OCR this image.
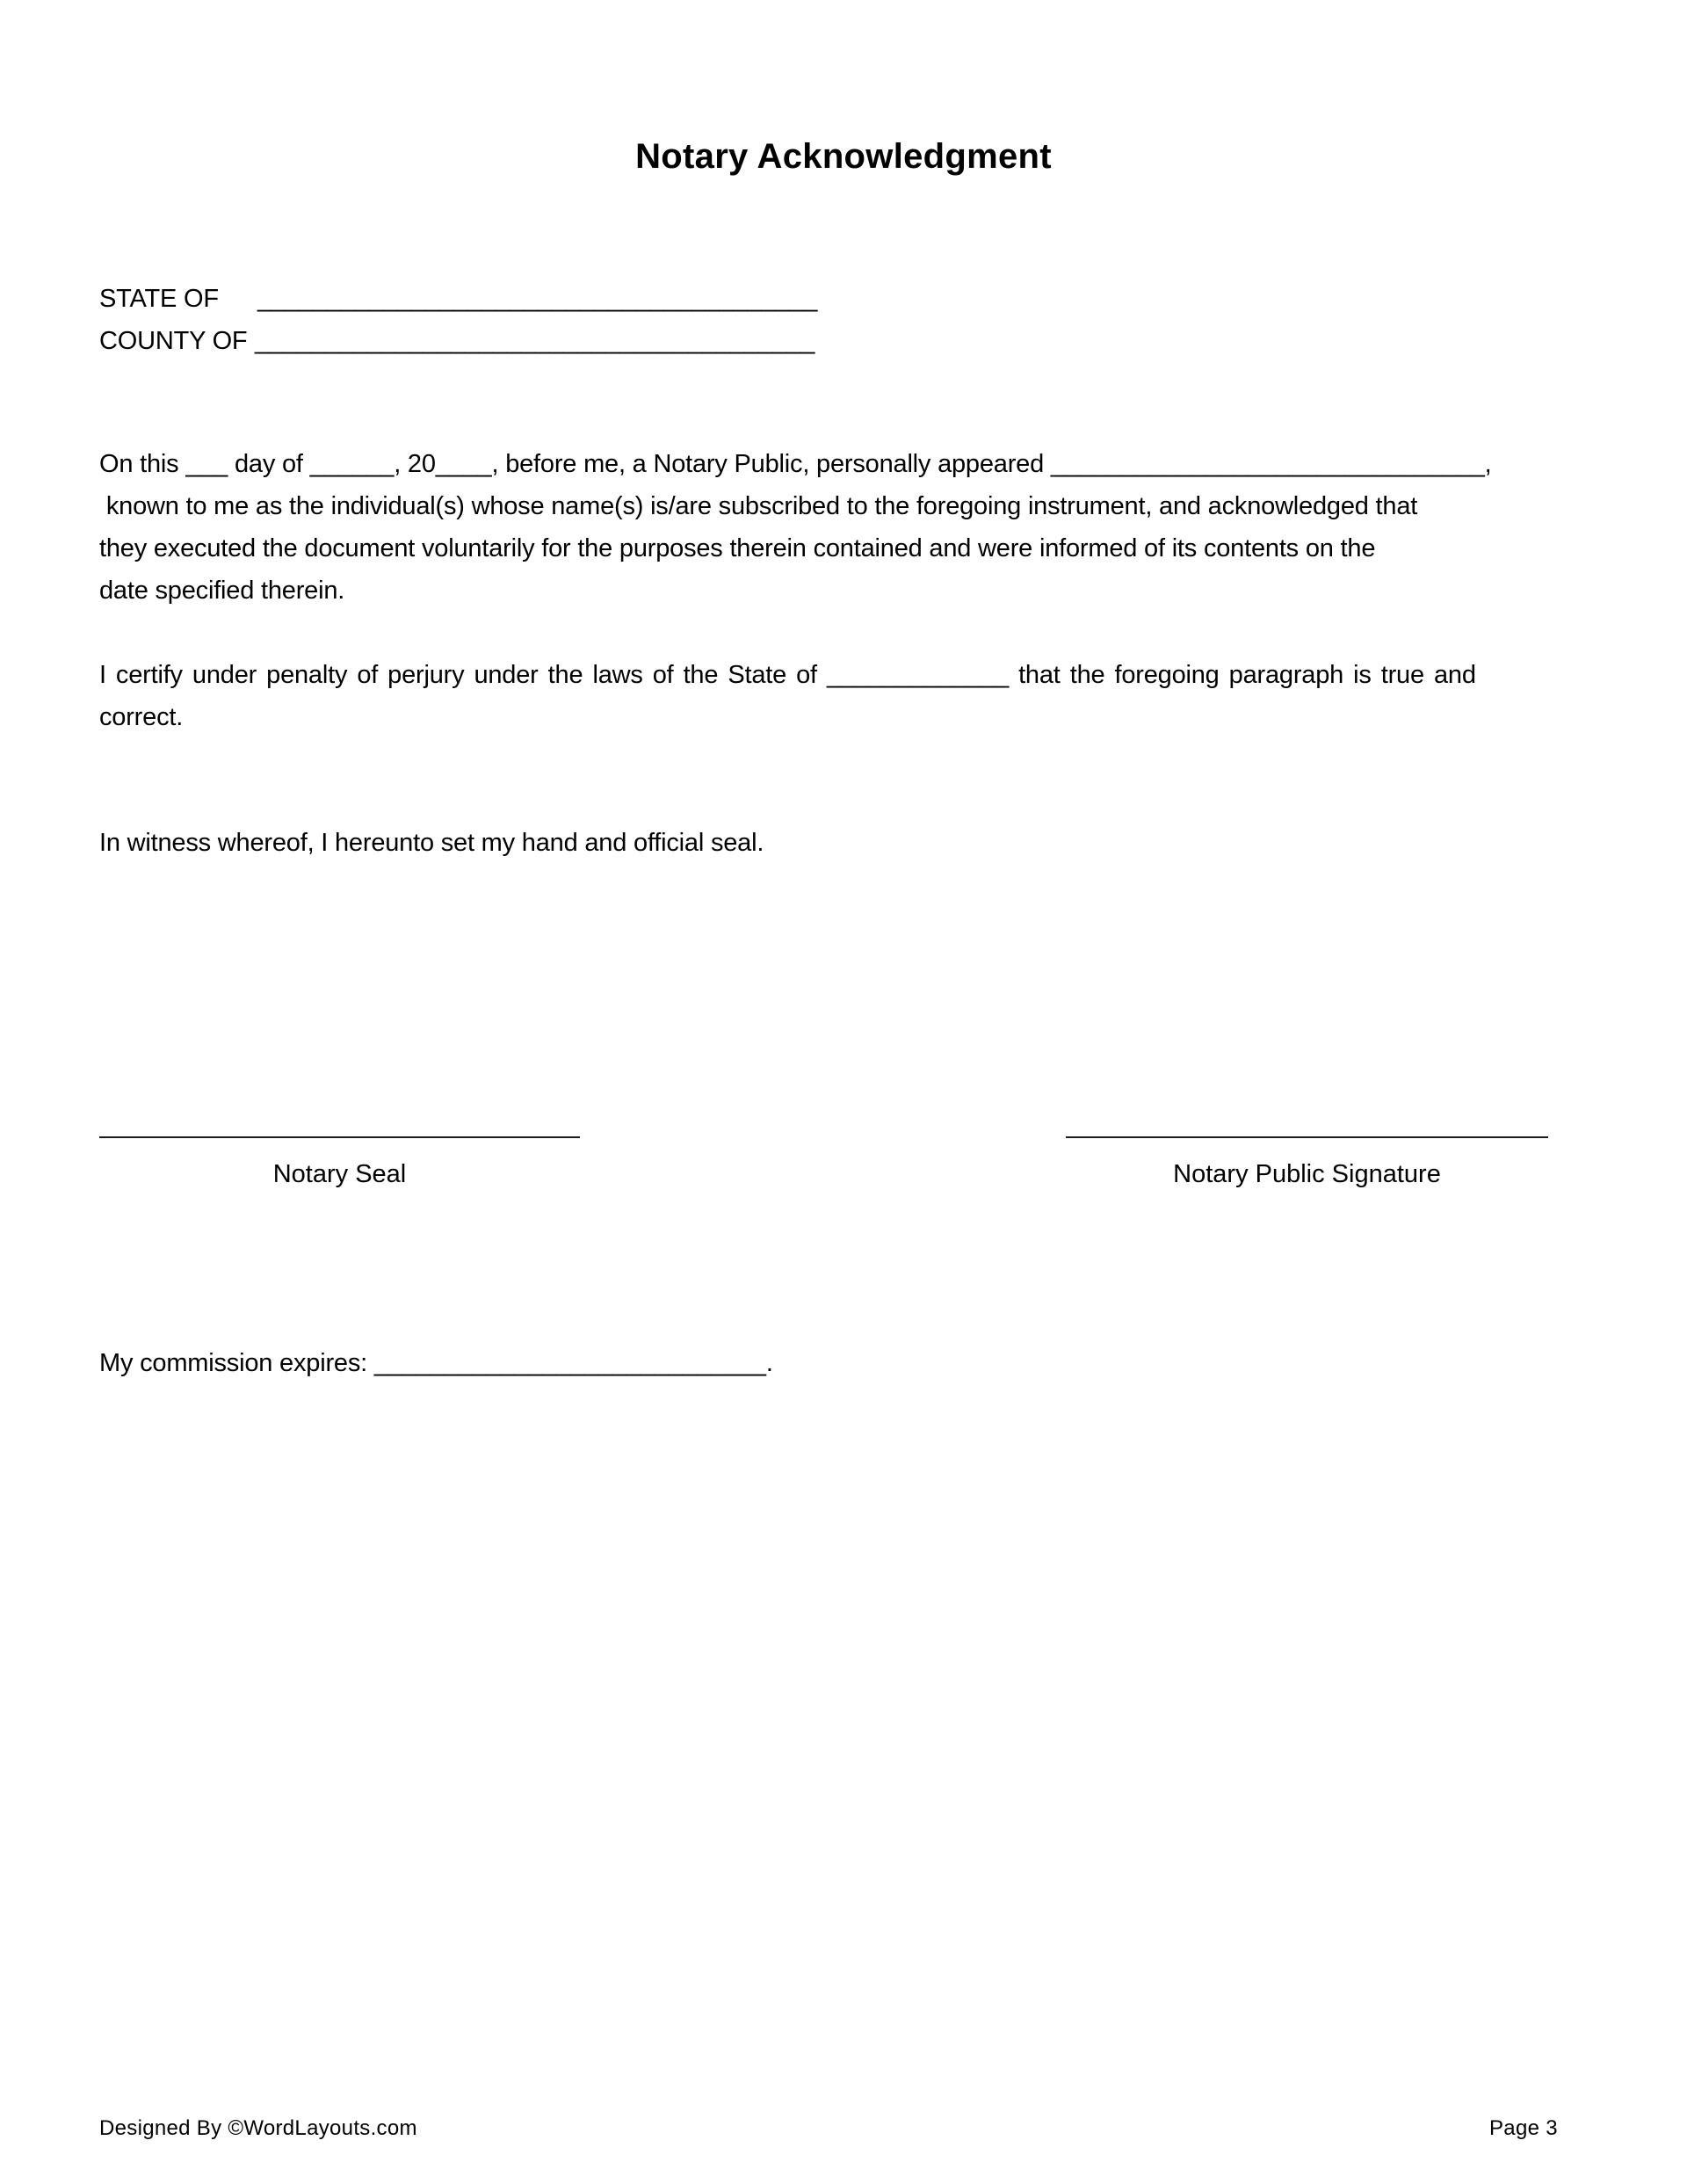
Notary Acknowledgment
STATE OF ________________________________________
COUNTY OF ________________________________________
On this ___ day of ______, 20____, before me, a Notary Public, personally appeared _______________________________,
known to me as the individual(s) whose name(s) is/are subscribed to the foregoing instrument, and acknowledged that
they executed the document voluntarily for the purposes therein contained and were informed of its contents on the
date specified therein.
I certify under penalty of perjury under the laws of the State of _____________ that the foregoing paragraph is true and
correct.
In witness whereof, I hereunto set my hand and official seal.
Notary Seal	Notary Public Signature
My commission expires: ____________________________.
Designed By ©WordLayouts.com	Page 3
